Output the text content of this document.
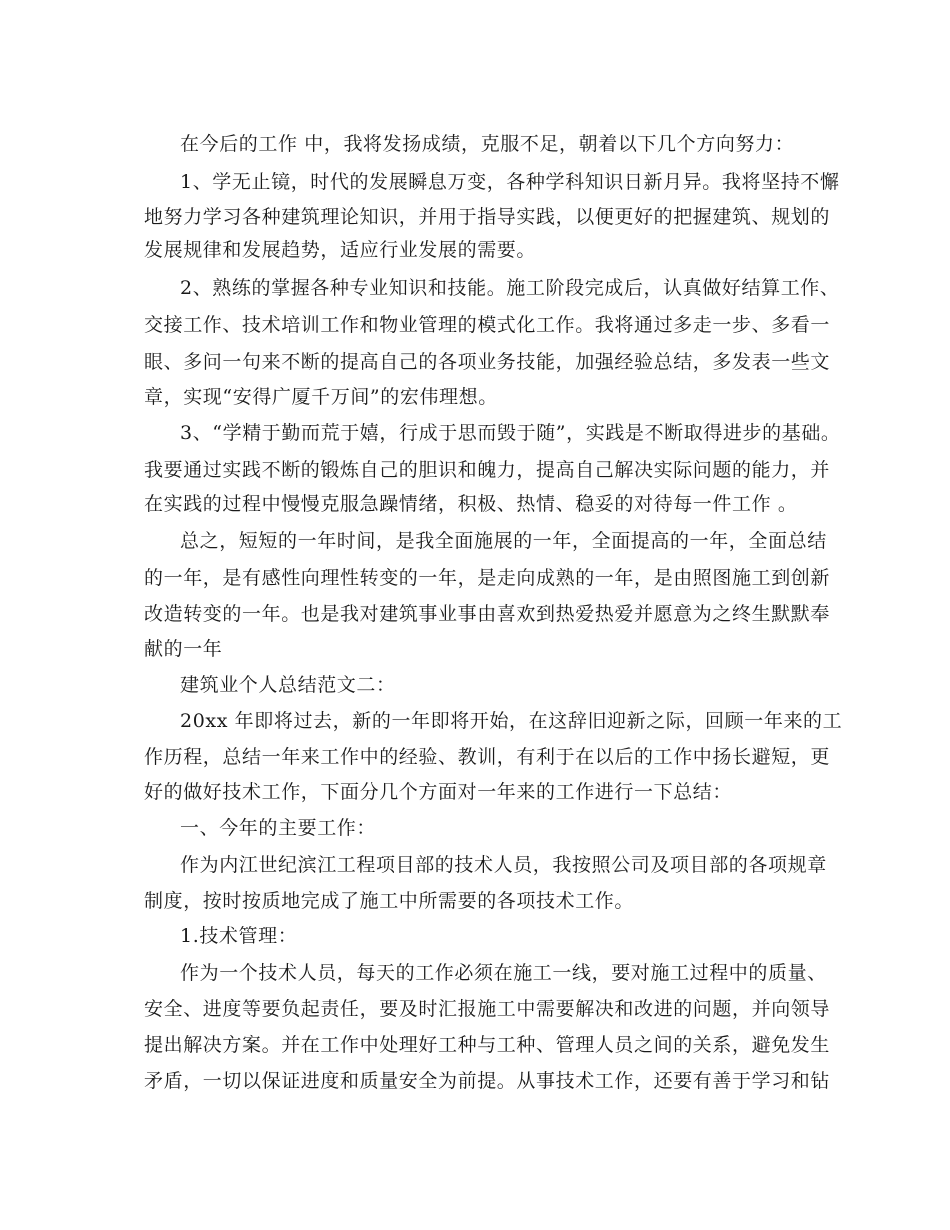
在今后的工作 中，我将发扬成绩，克服不足，朝着以下几个方向努力：
1、学无止镜，时代的发展瞬息万变，各种学科知识日新月异。我将坚持不懈
地努力学习各种建筑理论知识，并用于指导实践，以便更好的把握建筑、规划的
发展规律和发展趋势，适应行业发展的需要。
2、熟练的掌握各种专业知识和技能。施工阶段完成后，认真做好结算工作、
交接工作、技术培训工作和物业管理的模式化工作。我将通过多走一步、多看一
眼、多问一句来不断的提高自己的各项业务技能，加强经验总结，多发表一些文
章，实现“安得广厦千万间”的宏伟理想。
3、“学精于勤而荒于嬉，行成于思而毁于随”，实践是不断取得进步的基础。
我要通过实践不断的锻炼自己的胆识和魄力，提高自己解决实际问题的能力，并
在实践的过程中慢慢克服急躁情绪，积极、热情、稳妥的对待每一件工作 。
总之，短短的一年时间，是我全面施展的一年，全面提高的一年，全面总结
的一年，是有感性向理性转变的一年，是走向成熟的一年，是由照图施工到创新
改造转变的一年。也是我对建筑事业事由喜欢到热爱热爱并愿意为之终生默默奉
献的一年
建筑业个人总结范文二：
20xx 年即将过去，新的一年即将开始，在这辞旧迎新之际，回顾一年来的工
作历程，总结一年来工作中的经验、教训，有利于在以后的工作中扬长避短，更
好的做好技术工作，下面分几个方面对一年来的工作进行一下总结：
一、今年的主要工作：
作为内江世纪滨江工程项目部的技术人员，我按照公司及项目部的各项规章
制度，按时按质地完成了施工中所需要的各项技术工作。
1.技术管理：
作为一个技术人员，每天的工作必须在施工一线，要对施工过程中的质量、
安全、进度等要负起责任，要及时汇报施工中需要解决和改进的问题，并向领导
提出解决方案。并在工作中处理好工种与工种、管理人员之间的关系，避免发生
矛盾，一切以保证进度和质量安全为前提。从事技术工作，还要有善于学习和钻
